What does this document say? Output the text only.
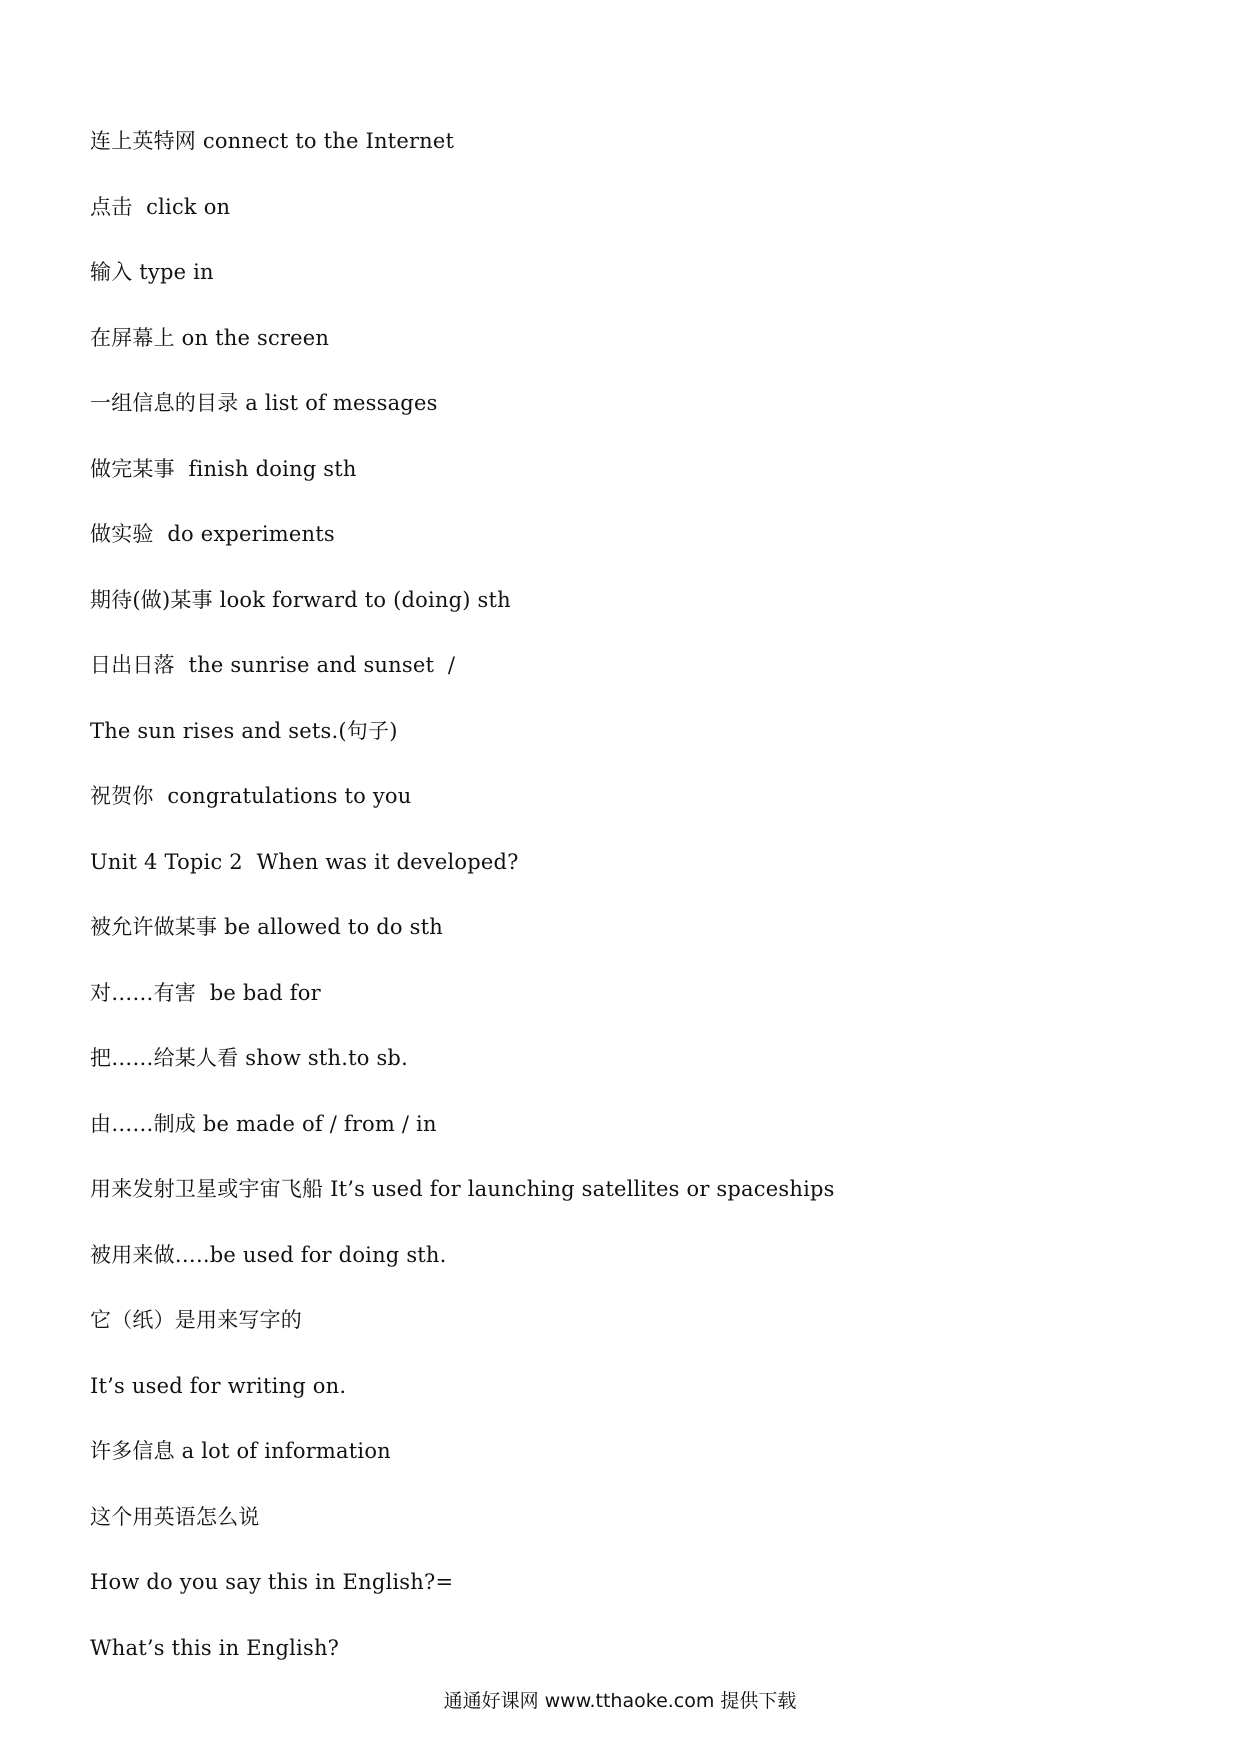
连上英特网 connect to the Internet
点击  click on
输入 type in
在屏幕上 on the screen
一组信息的目录 a list of messages
做完某事  finish doing sth
做实验  do experiments
期待(做)某事 look forward to (doing) sth
日出日落  the sunrise and sunset  /
The sun rises and sets.(句子)
祝贺你  congratulations to you
Unit 4 Topic 2  When was it developed?
被允许做某事 be allowed to do sth
对……有害  be bad for
把……给某人看 show sth.to sb.
由……制成 be made of / from / in
用来发射卫星或宇宙飞船 It’s used for launching satellites or spaceships
被用来做…..be used for doing sth.
它（纸）是用来写字的
It’s used for writing on.
许多信息 a lot of information
这个用英语怎么说
How do you say this in English?=
What’s this in English?
通通好课网 www.tthaoke.com 提供下载
